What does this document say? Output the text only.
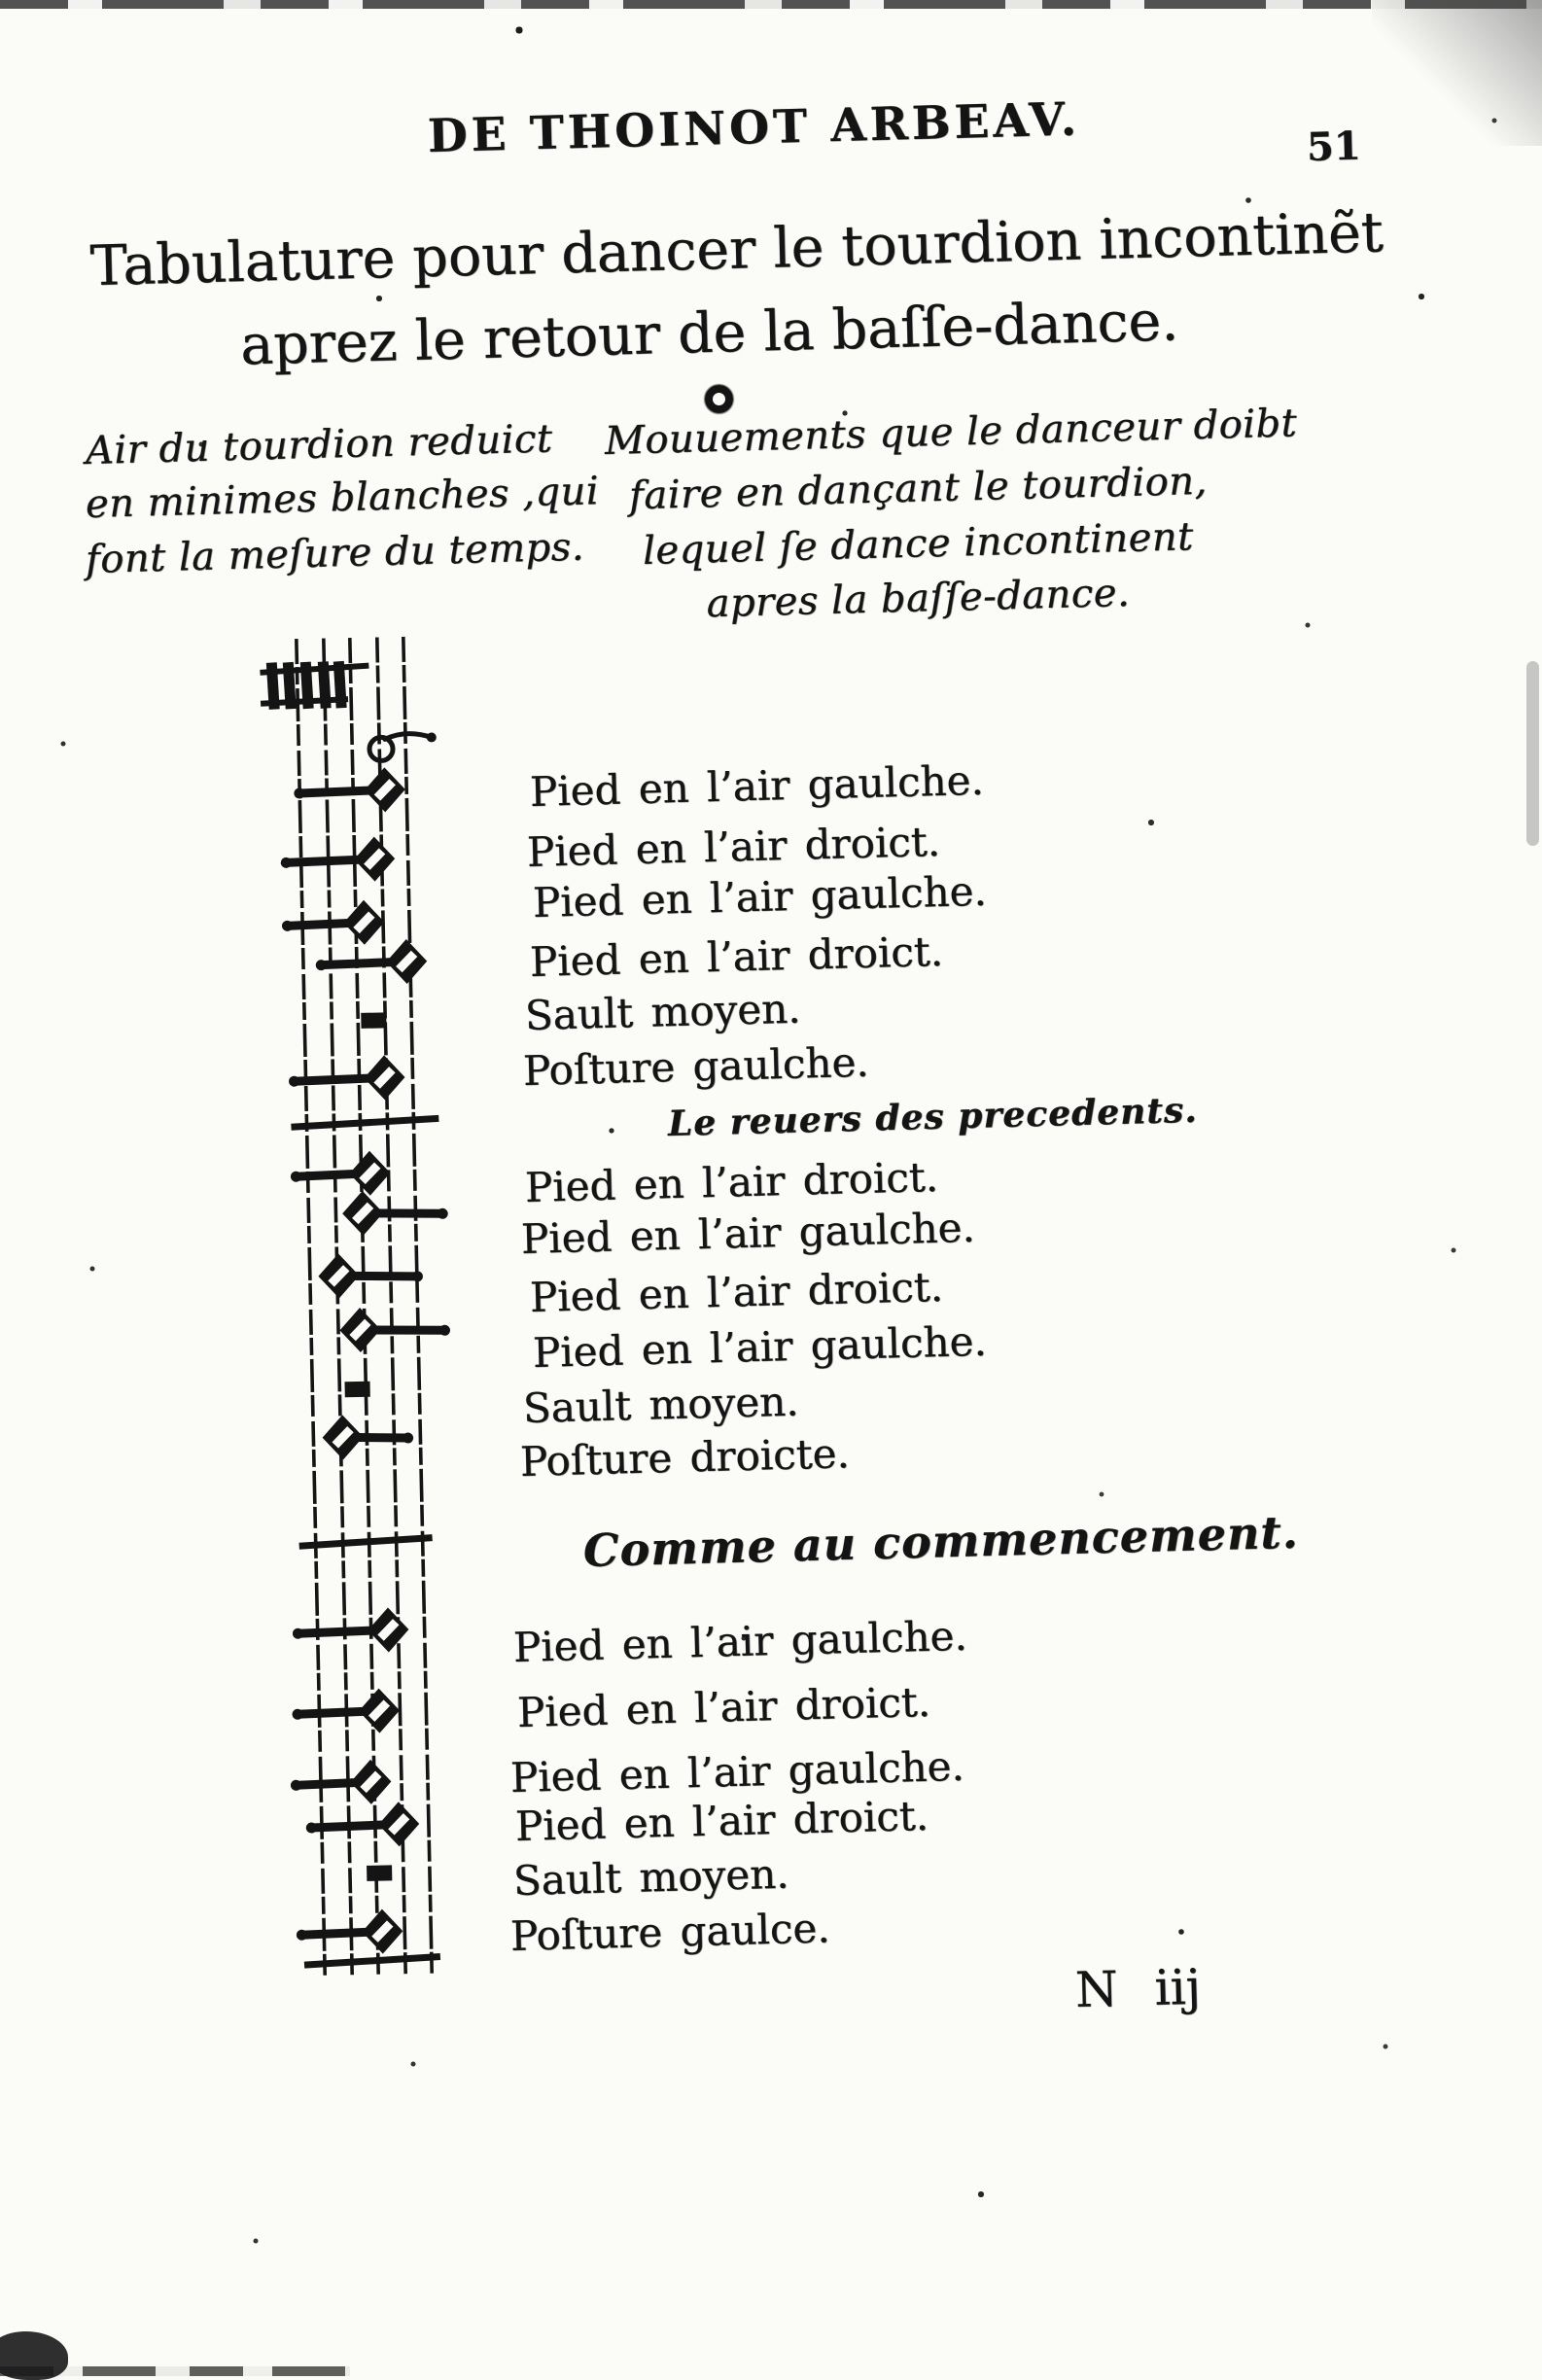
DE THOINOT ARBEAV.	51
Tabulature pour dancer le tourdion incontinẽt
aprez le retour de la baſſe-dance.
Air du tourdion reduict
en minimes blanches ,qui
font la meſure du temps.
Mouuements que le danceur doibt
faire en dançant le tourdion,
lequel ſe dance incontinent
apres la baſſe-dance.
Pied en l’air gaulche.
Pied en l’air droict.
Pied en l’air gaulche.
Pied en l’air droict.
Sault moyen.
Poſture gaulche.
Le reuers des precedents.
Pied en l’air droict.
Pied en l’air gaulche.
Pied en l’air droict.
Pied en l’air gaulche.
Sault moyen.
Poſture droicte.
Comme au commencement.
Pied en l’air gaulche.
Pied en l’air droict.
Pied en l’air gaulche.
Pied en l’air droict.
Sault moyen.
Poſture gaulce.
N iij
